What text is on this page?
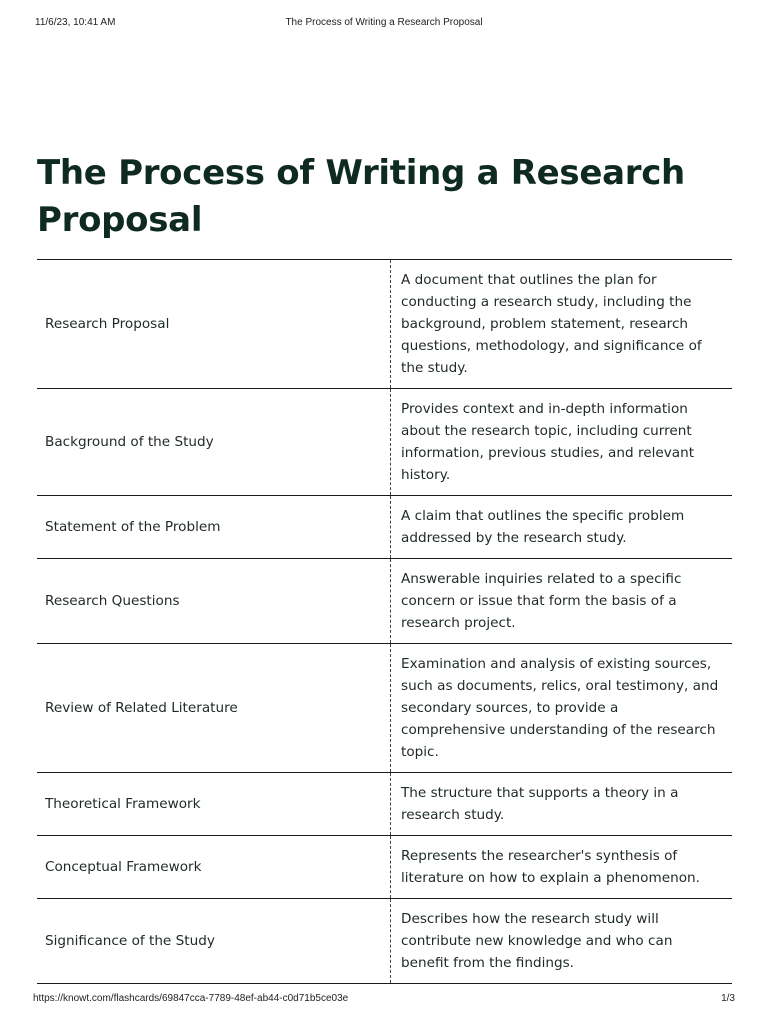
11/6/23, 10:41 AM	The Process of Writing a Research Proposal
The Process of Writing a Research Proposal
Research Proposal	A document that outlines the plan for conducting a research study, including the background, problem statement, research questions, methodology, and significance of the study.
Background of the Study	Provides context and in-depth information about the research topic, including current information, previous studies, and relevant history.
Statement of the Problem	A claim that outlines the specific problem addressed by the research study.
Research Questions	Answerable inquiries related to a specific concern or issue that form the basis of a research project.
Review of Related Literature	Examination and analysis of existing sources, such as documents, relics, oral testimony, and secondary sources, to provide a comprehensive understanding of the research topic.
Theoretical Framework	The structure that supports a theory in a research study.
Conceptual Framework	Represents the researcher's synthesis of literature on how to explain a phenomenon.
Significance of the Study	Describes how the research study will contribute new knowledge and who can benefit from the findings.
https://knowt.com/flashcards/69847cca-7789-48ef-ab44-c0d71b5ce03e	1/3
